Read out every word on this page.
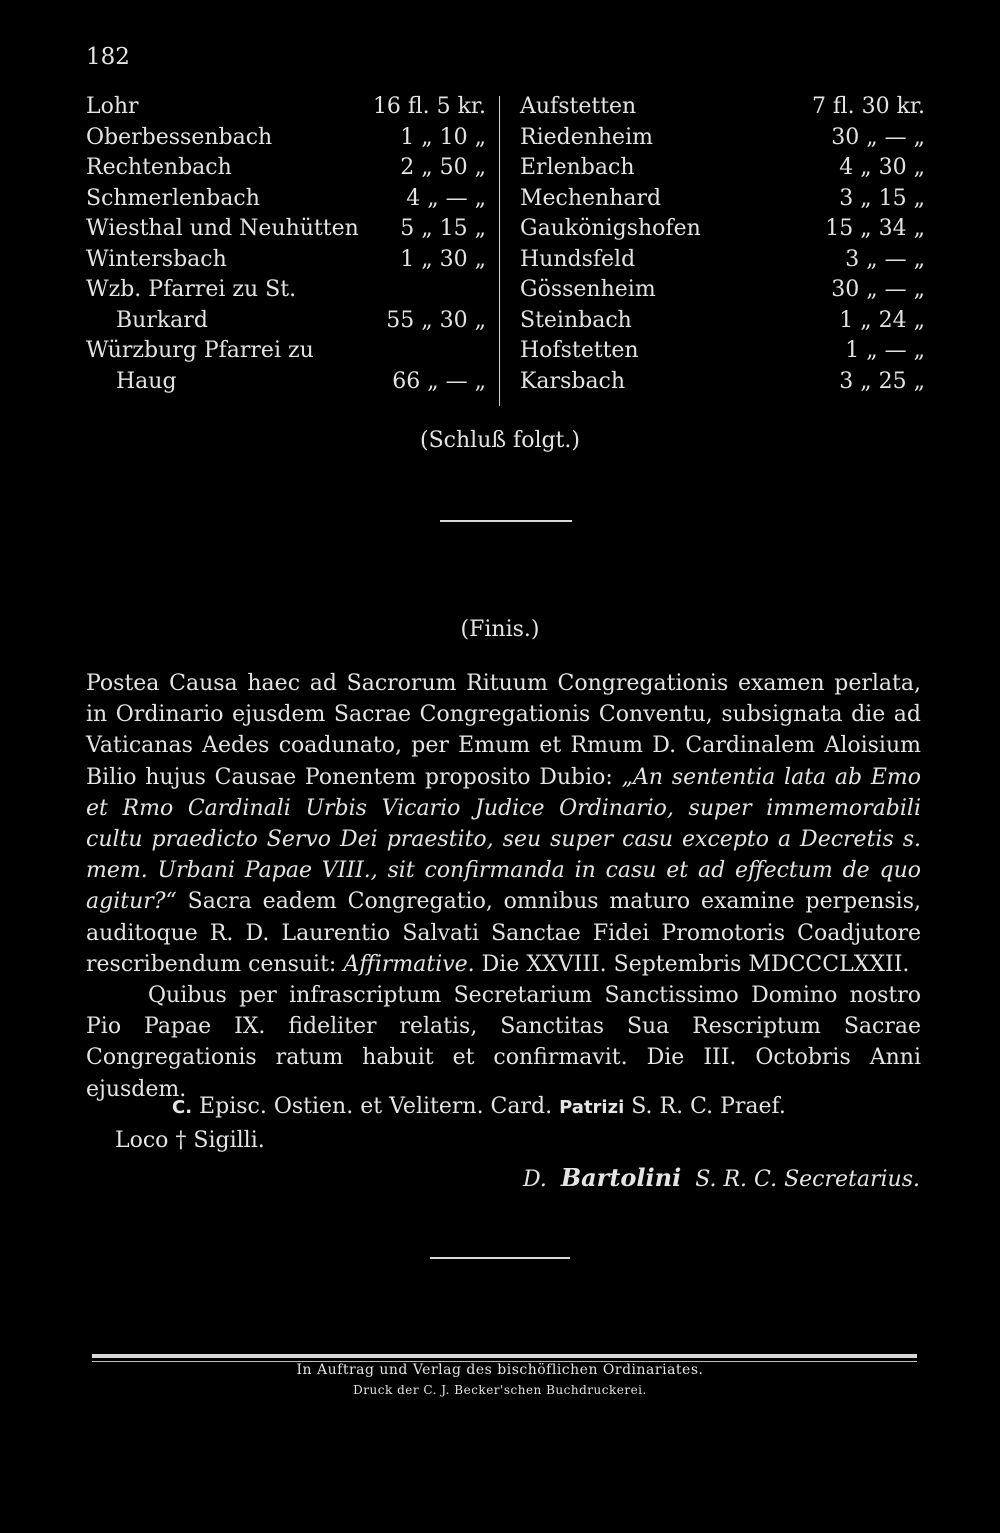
182
Lohr	16 fl. 5 kr.
Oberbessenbach	1 „ 10 „
Rechtenbach	2 „ 50 „
Schmerlenbach	4 „ — „
Wiesthal und Neuhütten 5 „ 15 „
Wintersbach	1 „ 30 „
Wzb. Pfarrei zu St.
Burkard	55 „ 30 „
Würzburg Pfarrei zu
Haug	66 „ — „
Aufstetten	7 fl. 30 kr.
Riedenheim	30 „ — „
Erlenbach	4 „ 30 „
Mechenhard	3 „ 15 „
Gaukönigshofen	15 „ 34 „
Hundsfeld	3 „ — „
Gössenheim	30 „ — „
Steinbach	1 „ 24 „
Hofstetten	1 „ — „
Karsbach	3 „ 25 „
(Schluß folgt.)
(Finis.)

Postea Causa haec ad Sacrorum Rituum Congregationis examen perlata, in Ordinario ejusdem Sacrae Congregationis Conventu, subsignata die ad Vaticanas Aedes coadunato, per Emum et Rmum D. Cardinalem Aloisium Bilio hujus Causae Ponentem proposito Dubio: „An sententia lata ab Emo et Rmo Cardinali Urbis Vicario Judice Ordinario, super immemorabili cultu praedicto Servo Dei praestito, seu super casu excepto a Decretis s. mem. Urbani Papae VIII., sit confirmanda in casu et ad effectum de quo agitur?“ Sacra eadem Congregatio, omnibus maturo examine perpensis, auditoque R. D. Laurentio Salvati Sanctae Fidei Promotoris Coadjutore rescribendum censuit: Affirmative. Die XXVIII. Septembris MDCCCLXXII.

Quibus per infrascriptum Secretarium Sanctissimo Domino nostro Pio Papae IX. fideliter relatis, Sanctitas Sua Rescriptum Sacrae Congregationis ratum habuit et confirmavit. Die III. Octobris Anni ejusdem.

C. Episc. Ostien. et Velitern. Card. Patrizi S. R. C. Praef.
Loco † Sigilli.
D. Bartolini S. R. C. Secretarius.
In Auftrag und Verlag des bischöflichen Ordinariates.
Druck der C. J. Becker'schen Buchdruckerei.
